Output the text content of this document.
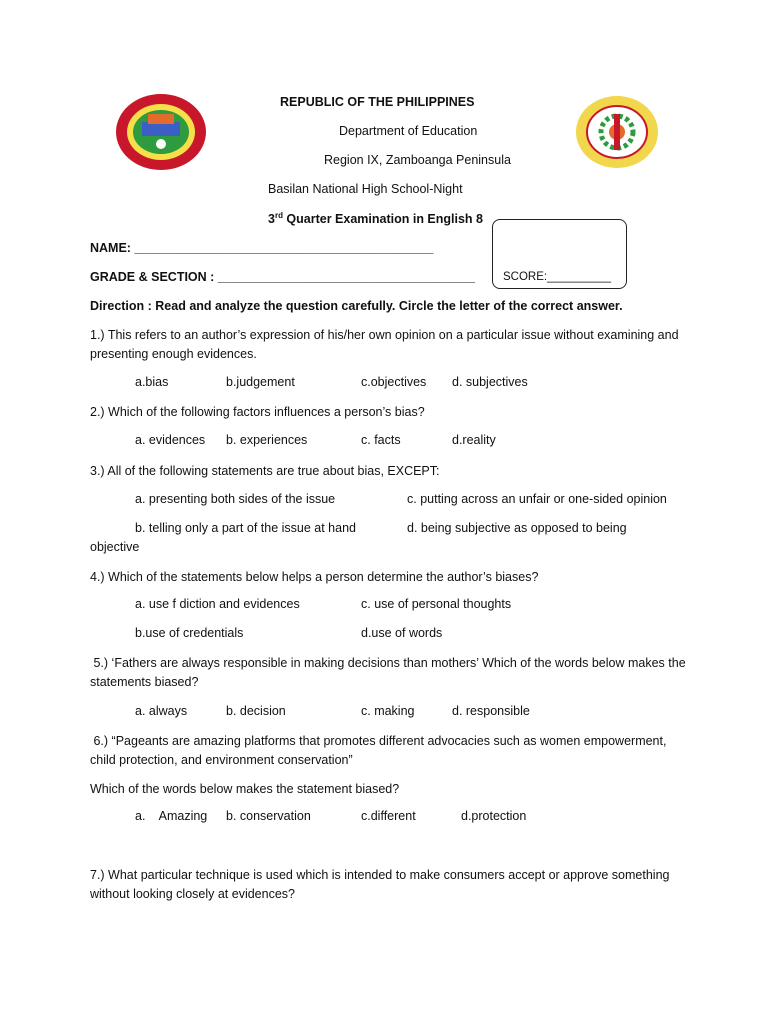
REPUBLIC OF THE PHILIPPINES
Department of Education
Region IX, Zamboanga Peninsula
Basilan National High School-Night
3rd Quarter Examination in English 8
NAME: ___________________________________________
GRADE & SECTION : _____________________________________ SCORE:__________
Direction : Read and analyze the question carefully. Circle the letter of the correct answer.
1.) This refers to an author’s expression of his/her own opinion on a particular issue without examining and presenting enough evidences.
a.bias	b.judgement	c.objectives d. subjectives
2.) Which of the following factors influences a person’s bias?
a. evidences b. experiences	c. facts	d.reality
3.) All of the following statements are true about bias, EXCEPT:
a. presenting both sides of the issue	c. putting across an unfair or one-sided opinion
b. telling only a part of the issue at hand	d. being subjective as opposed to being
objective
4.) Which of the statements below helps a person determine the author’s biases?
a. use f diction and evidences	c. use of personal thoughts
b.use of credentials	d.use of words
5.) ‘Fathers are always responsible in making decisions than mothers’ Which of the words below makes the statements biased?
a. always	b. decision	c. making	d. responsible
6.) “Pageants are amazing platforms that promotes different advocacies such as women empowerment, child protection, and environment conservation”
Which of the words below makes the statement biased?
a.    Amazing b. conservation	c.different	d.protection
7.) What particular technique is used which is intended to make consumers accept or approve something without looking closely at evidences?
